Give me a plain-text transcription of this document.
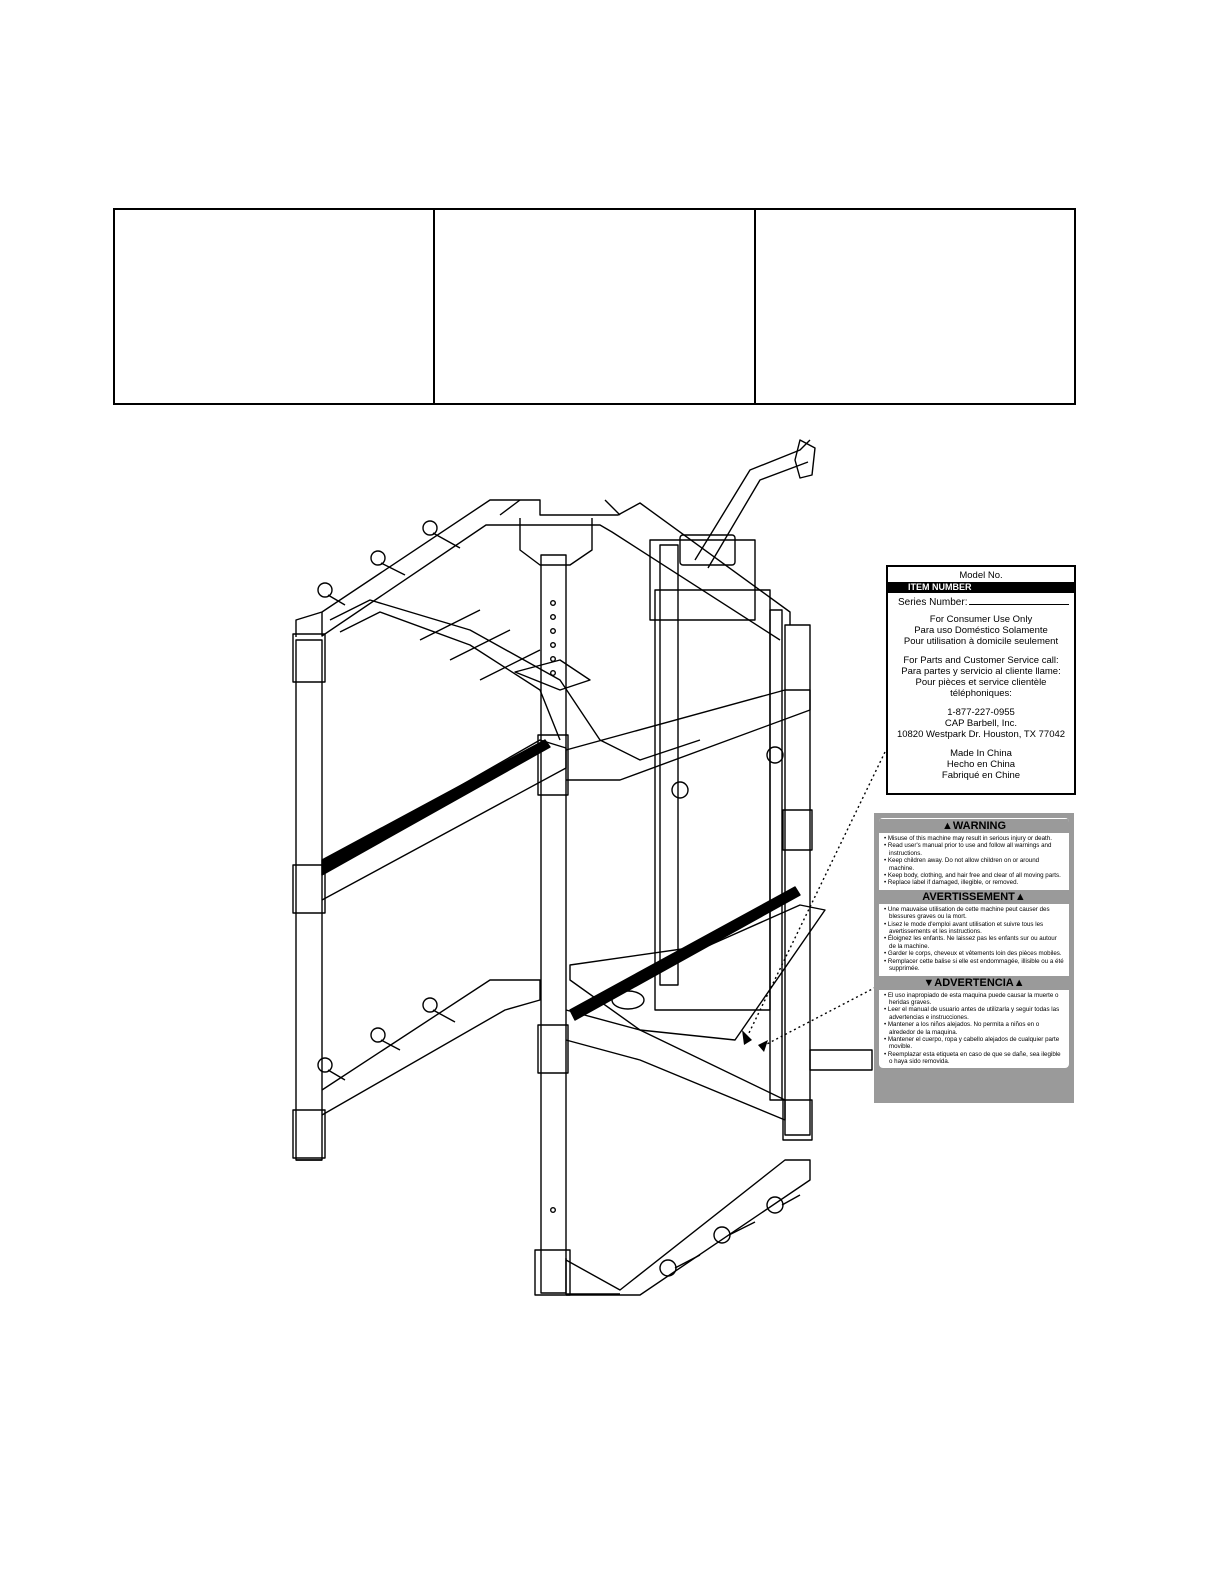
Model No.
ITEM NUMBER
Series Number:
For Consumer Use Only
Para uso Doméstico Solamente
Pour utilisation à domicile seulement
For Parts and Customer Service call:
Para partes y servicio al cliente llame:
Pour pièces et service clientèle
téléphoniques:
1-877-227-0955
CAP Barbell, Inc.
10820 Westpark Dr. Houston, TX 77042
Made In China
Hecho en China
Fabriqué en Chine
▲WARNING
• Misuse of this machine may result in serious injury or death.
• Read user's manual prior to use and follow all warnings and instructions.
• Keep children away. Do not allow children on or around machine.
• Keep body, clothing, and hair free and clear of all moving parts.
• Replace label if damaged, illegible, or removed.
AVERTISSEMENT▲
• Une mauvaise utilisation de cette machine peut causer des blessures graves ou la mort.
• Lisez le mode d'emploi avant utilisation et suivre tous les avertissements et les instructions.
• Éloignez les enfants. Ne laissez pas les enfants sur ou autour de la machine.
• Garder le corps, cheveux et vêtements loin des pièces mobiles.
• Remplacer cette balise si elle est endommagée, illisible ou a été supprimée.
▼ADVERTENCIA▲
• El uso inapropiado de esta maquina puede causar la muerte o heridas graves.
• Leer el manual de usuario antes de utilizarla y seguir todas las advertencias e instrucciones.
• Mantener a los niños alejados. No permita a niños en o alrededor de la maquina.
• Mantener el cuerpo, ropa y cabello alejados de cualquier parte movible.
• Reemplazar esta etiqueta en caso de que se dañe, sea ilegible o haya sido removida.
